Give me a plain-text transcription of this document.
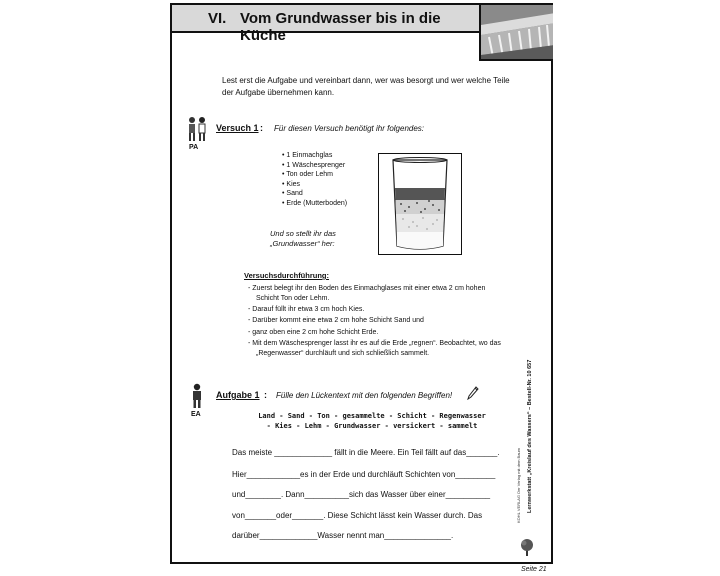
VI. Vom Grundwasser bis in die Küche
Lest erst die Aufgabe und vereinbart dann, wer was besorgt und wer welche Teile der Aufgabe übernehmen kann.
PA
Versuch 1 : Für diesen Versuch benötigt ihr folgendes:
• 1 Einmachglas
• 1 Wäschesprenger
• Ton oder Lehm
• Kies
• Sand
• Erde (Mutterboden)
Und so stellt ihr das
„Grundwasser“ her:
Versuchsdurchführung:
- Zuerst belegt ihr den Boden des Einmachglases mit einer etwa 2 cm hohen Schicht Ton oder Lehm.
- Darauf füllt ihr etwa 3 cm hoch Kies.
- Darüber kommt eine etwa 2 cm hohe Schicht Sand und
- ganz oben eine 2 cm hohe Schicht Erde.
- Mit dem Wäschesprenger lasst ihr es auf die Erde „regnen“. Beobachtet, wo das „Regenwasser“ durchläuft und sich schließlich sammelt.
EA
Aufgabe 1 : Fülle den Lückentext mit den folgenden Begriffen!
Land - Sand - Ton - gesammelte - Schicht - Regenwasser
- Kies - Lehm - Grundwasser - versickert - sammelt
Das meiste _____________ fällt in die Meere. Ein Teil fällt auf das_______.
Hier____________es in der Erde und durchläuft Schichten von_________
und________. Dann__________sich das Wasser über einer__________
von_______oder_______. Diese Schicht lässt kein Wasser durch. Das
darüber_____________Wasser nennt man_______________.
Lernwerkstatt „Kreislauf des Wassers“ – Bestell-Nr. 10 657
KOHL VERLAG Der Verlag mit dem Baum
Seite 21
